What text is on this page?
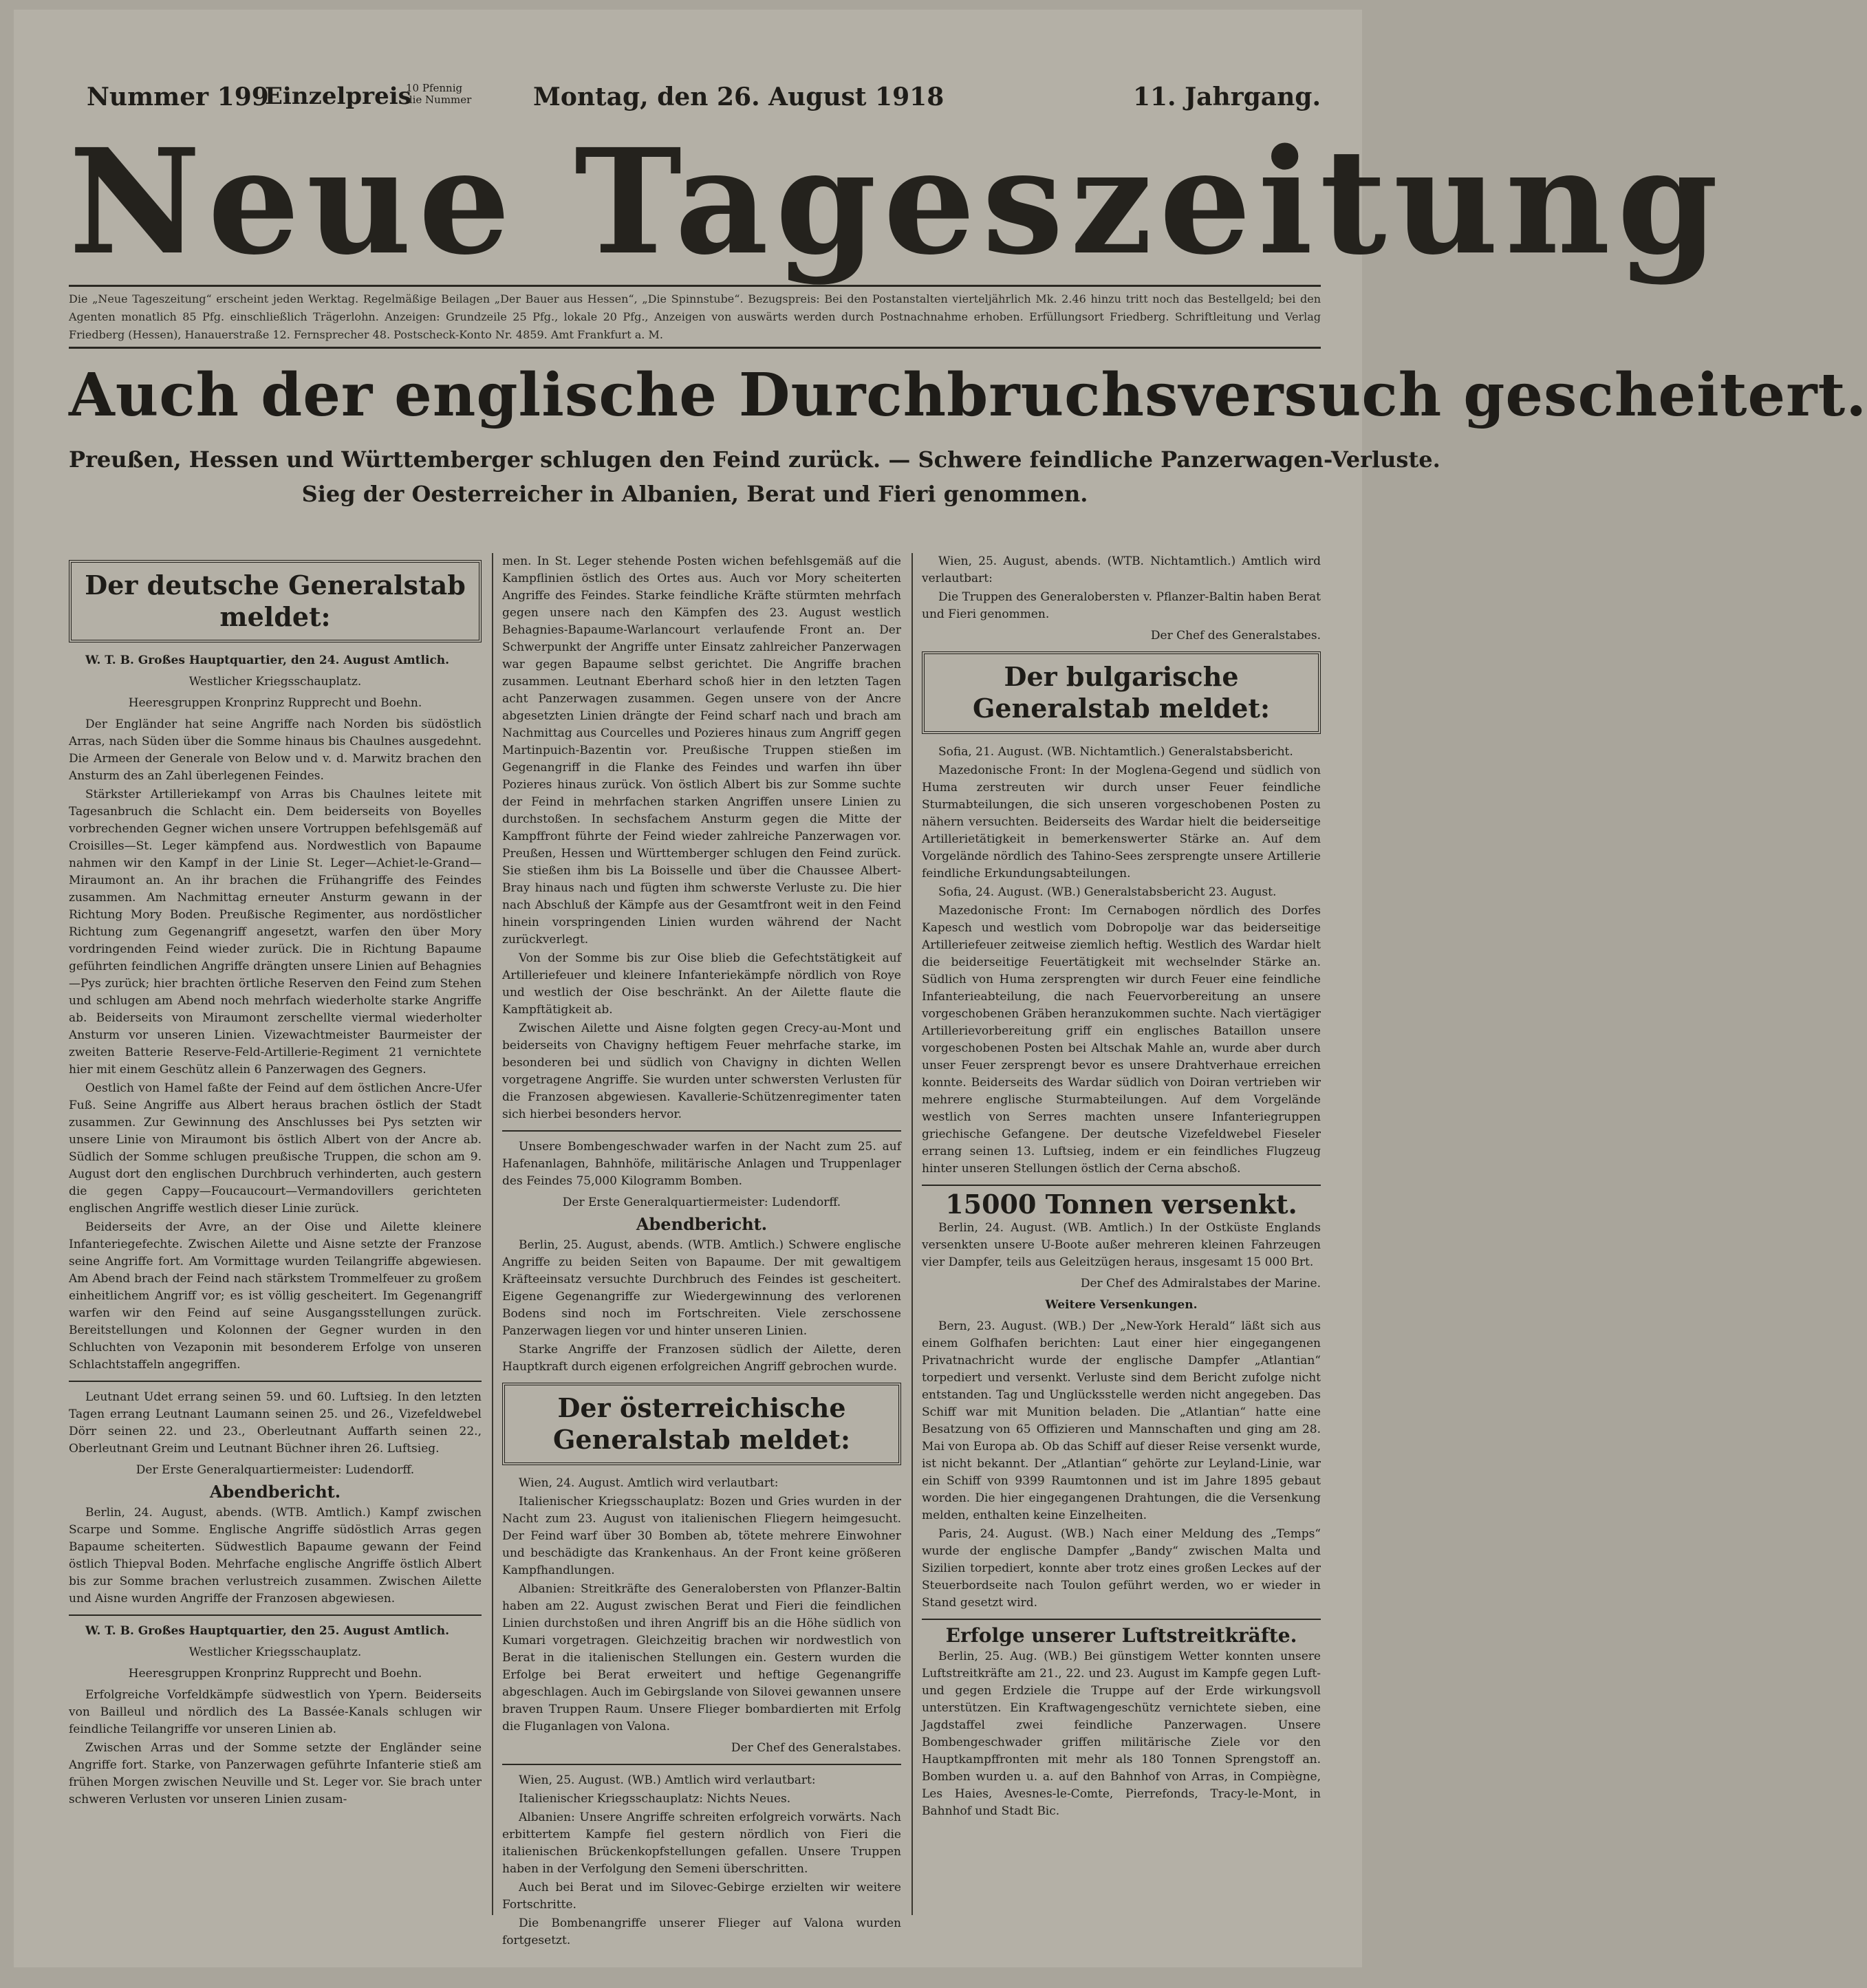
Nummer 199
Einzelpreis
10 Pfennig
die Nummer Montag, den 26. August 1918	11. Jahrgang.
Neue Tageszeitung
Die „Neue Tageszeitung“ erscheint jeden Werktag. Regelmäßige Beilagen „Der Bauer aus Hessen“, „Die Spinnstube“. Bezugspreis: Bei den Postanstalten vierteljährlich Mk. 2.46 hinzu tritt noch das Bestellgeld; bei den Agenten monatlich 85 Pfg. einschließlich Trägerlohn. Anzeigen: Grundzeile 25 Pfg., lokale 20 Pfg., Anzeigen von auswärts werden durch Postnachnahme erhoben. Erfüllungsort Friedberg. Schriftleitung und Verlag Friedberg (Hessen), Hanauerstraße 12. Fernsprecher 48. Postscheck-Konto Nr. 4859. Amt Frankfurt a. M.
Auch der englische Durchbruchsversuch gescheitert.
Preußen, Hessen und Württemberger schlugen den Feind zurück. — Schwere feindliche Panzerwagen-Verluste.
Sieg der Oesterreicher in Albanien, Berat und Fieri genommen.
Der deutsche Generalstab meldet:

W. T. B. Großes Hauptquartier, den 24. August Amtlich.

Westlicher Kriegsschauplatz.

Heeresgruppen Kronprinz Rupprecht und Boehn.

Der Engländer hat seine Angriffe nach Norden bis südöstlich Arras, nach Süden über die Somme hinaus bis Chaulnes ausgedehnt. Die Armeen der Generale von Below und v. d. Marwitz brachen den Ansturm des an Zahl überlegenen Feindes.

Stärkster Artilleriekampf von Arras bis Chaulnes leitete mit Tagesanbruch die Schlacht ein. Dem beiderseits von Boyelles vorbrechenden Gegner wichen unsere Vortruppen befehlsgemäß auf Croisilles—St. Leger kämpfend aus. Nordwestlich von Bapaume nahmen wir den Kampf in der Linie St. Leger—Achiet-le-Grand—Miraumont an. An ihr brachen die Frühangriffe des Feindes zusammen. Am Nachmittag erneuter Ansturm gewann in der Richtung Mory Boden. Preußische Regimenter, aus nordöstlicher Richtung zum Gegenangriff angesetzt, warfen den über Mory vordringenden Feind wieder zurück. Die in Richtung Bapaume geführten feindlichen Angriffe drängten unsere Linien auf Behagnies—Pys zurück; hier brachten örtliche Reserven den Feind zum Stehen und schlugen am Abend noch mehrfach wiederholte starke Angriffe ab. Beiderseits von Miraumont zerschellte viermal wiederholter Ansturm vor unseren Linien. Vizewachtmeister Baurmeister der zweiten Batterie Reserve-Feld-Artillerie-Regiment 21 vernichtete hier mit einem Geschütz allein 6 Panzerwagen des Gegners.

Oestlich von Hamel faßte der Feind auf dem östlichen Ancre-Ufer Fuß. Seine Angriffe aus Albert heraus brachen östlich der Stadt zusammen. Zur Gewinnung des Anschlusses bei Pys setzten wir unsere Linie von Miraumont bis östlich Albert von der Ancre ab. Südlich der Somme schlugen preußische Truppen, die schon am 9. August dort den englischen Durchbruch verhinderten, auch gestern die gegen Cappy—Foucaucourt—Vermandovillers gerichteten englischen Angriffe westlich dieser Linie zurück.

Beiderseits der Avre, an der Oise und Ailette kleinere Infanteriegefechte. Zwischen Ailette und Aisne setzte der Franzose seine Angriffe fort. Am Vormittage wurden Teilangriffe abgewiesen. Am Abend brach der Feind nach stärkstem Trommelfeuer zu großem einheitlichem Angriff vor; es ist völlig gescheitert. Im Gegenangriff warfen wir den Feind auf seine Ausgangsstellungen zurück. Bereitstellungen und Kolonnen der Gegner wurden in den Schluchten von Vezaponin mit besonderem Erfolge von unseren Schlachtstaffeln angegriffen.

Leutnant Udet errang seinen 59. und 60. Luftsieg. In den letzten Tagen errang Leutnant Laumann seinen 25. und 26., Vizefeldwebel Dörr seinen 22. und 23., Oberleutnant Auffarth seinen 22., Oberleutnant Greim und Leutnant Büchner ihren 26. Luftsieg.

Der Erste Generalquartiermeister: Ludendorff.

Abendbericht.

Berlin, 24. August, abends. (WTB. Amtlich.) Kampf zwischen Scarpe und Somme. Englische Angriffe südöstlich Arras gegen Bapaume scheiterten. Südwestlich Bapaume gewann der Feind östlich Thiepval Boden. Mehrfache englische Angriffe östlich Albert bis zur Somme brachen verlustreich zusammen. Zwischen Ailette und Aisne wurden Angriffe der Franzosen abgewiesen.

W. T. B. Großes Hauptquartier, den 25. August Amtlich.

Westlicher Kriegsschauplatz.

Heeresgruppen Kronprinz Rupprecht und Boehn.

Erfolgreiche Vorfeldkämpfe südwestlich von Ypern. Beiderseits von Bailleul und nördlich des La Bassée-Kanals schlugen wir feindliche Teilangriffe vor unseren Linien ab.

Zwischen Arras und der Somme setzte der Engländer seine Angriffe fort. Starke, von Panzerwagen geführte Infanterie stieß am frühen Morgen zwischen Neuville und St. Leger vor. Sie brach unter schweren Verlusten vor unseren Linien zusam-

men. In St. Leger stehende Posten wichen befehlsgemäß auf die Kampflinien östlich des Ortes aus. Auch vor Mory scheiterten Angriffe des Feindes. Starke feindliche Kräfte stürmten mehrfach gegen unsere nach den Kämpfen des 23. August westlich Behagnies-Bapaume-Warlancourt verlaufende Front an. Der Schwerpunkt der Angriffe unter Einsatz zahlreicher Panzerwagen war gegen Bapaume selbst gerichtet. Die Angriffe brachen zusammen. Leutnant Eberhard schoß hier in den letzten Tagen acht Panzerwagen zusammen. Gegen unsere von der Ancre abgesetzten Linien drängte der Feind scharf nach und brach am Nachmittag aus Courcelles und Pozieres hinaus zum Angriff gegen Martinpuich-Bazentin vor. Preußische Truppen stießen im Gegenangriff in die Flanke des Feindes und warfen ihn über Pozieres hinaus zurück. Von östlich Albert bis zur Somme suchte der Feind in mehrfachen starken Angriffen unsere Linien zu durchstoßen. In sechsfachem Ansturm gegen die Mitte der Kampffront führte der Feind wieder zahlreiche Panzerwagen vor. Preußen, Hessen und Württemberger schlugen den Feind zurück. Sie stießen ihm bis La Boisselle und über die Chaussee Albert-Bray hinaus nach und fügten ihm schwerste Verluste zu. Die hier nach Abschluß der Kämpfe aus der Gesamtfront weit in den Feind hinein vorspringenden Linien wurden während der Nacht zurückverlegt.

Von der Somme bis zur Oise blieb die Gefechtstätigkeit auf Artilleriefeuer und kleinere Infanteriekämpfe nördlich von Roye und westlich der Oise beschränkt. An der Ailette flaute die Kampftätigkeit ab.

Zwischen Ailette und Aisne folgten gegen Crecy-au-Mont und beiderseits von Chavigny heftigem Feuer mehrfache starke, im besonderen bei und südlich von Chavigny in dichten Wellen vorgetragene Angriffe. Sie wurden unter schwersten Verlusten für die Franzosen abgewiesen. Kavallerie-Schützenregimenter taten sich hierbei besonders hervor.

Unsere Bombengeschwader warfen in der Nacht zum 25. auf Hafenanlagen, Bahnhöfe, militärische Anlagen und Truppenlager des Feindes 75,000 Kilogramm Bomben.

Der Erste Generalquartiermeister: Ludendorff.

Abendbericht.

Berlin, 25. August, abends. (WTB. Amtlich.) Schwere englische Angriffe zu beiden Seiten von Bapaume. Der mit gewaltigem Kräfteeinsatz versuchte Durchbruch des Feindes ist gescheitert. Eigene Gegenangriffe zur Wiedergewinnung des verlorenen Bodens sind noch im Fortschreiten. Viele zerschossene Panzerwagen liegen vor und hinter unseren Linien.

Starke Angriffe der Franzosen südlich der Ailette, deren Hauptkraft durch eigenen erfolgreichen Angriff gebrochen wurde.

Der österreichische Generalstab meldet:

Wien, 24. August. Amtlich wird verlautbart:

Italienischer Kriegsschauplatz: Bozen und Gries wurden in der Nacht zum 23. August von italienischen Fliegern heimgesucht. Der Feind warf über 30 Bomben ab, tötete mehrere Einwohner und beschädigte das Krankenhaus. An der Front keine größeren Kampfhandlungen.

Albanien: Streitkräfte des Generalobersten von Pflanzer-Baltin haben am 22. August zwischen Berat und Fieri die feindlichen Linien durchstoßen und ihren Angriff bis an die Höhe südlich von Kumari vorgetragen. Gleichzeitig brachen wir nordwestlich von Berat in die italienischen Stellungen ein. Gestern wurden die Erfolge bei Berat erweitert und heftige Gegenangriffe abgeschlagen. Auch im Gebirgslande von Silovei gewannen unsere braven Truppen Raum. Unsere Flieger bombardierten mit Erfolg die Fluganlagen von Valona.

Der Chef des Generalstabes.

Wien, 25. August. (WB.) Amtlich wird verlautbart:

Italienischer Kriegsschauplatz: Nichts Neues.

Albanien: Unsere Angriffe schreiten erfolgreich vorwärts. Nach erbittertem Kampfe fiel gestern nördlich von Fieri die italienischen Brückenkopfstellungen gefallen. Unsere Truppen haben in der Verfolgung den Semeni überschritten.

Auch bei Berat und im Silovec-Gebirge erzielten wir weitere Fortschritte.

Die Bombenangriffe unserer Flieger auf Valona wurden fortgesetzt.

Wien, 25. August, abends. (WTB. Nichtamtlich.) Amtlich wird verlautbart:

Die Truppen des Generalobersten v. Pflanzer-Baltin haben Berat und Fieri genommen.

Der Chef des Generalstabes.

Der bulgarische Generalstab meldet:

Sofia, 21. August. (WB. Nichtamtlich.) Generalstabsbericht.

Mazedonische Front: In der Moglena-Gegend und südlich von Huma zerstreuten wir durch unser Feuer feindliche Sturmabteilungen, die sich unseren vorgeschobenen Posten zu nähern versuchten. Beiderseits des Wardar hielt die beiderseitige Artillerietätigkeit in bemerkenswerter Stärke an. Auf dem Vorgelände nördlich des Tahino-Sees zersprengte unsere Artillerie feindliche Erkundungsabteilungen.

Sofia, 24. August. (WB.) Generalstabsbericht 23. August.

Mazedonische Front: Im Cernabogen nördlich des Dorfes Kapesch und westlich vom Dobropolje war das beiderseitige Artilleriefeuer zeitweise ziemlich heftig. Westlich des Wardar hielt die beiderseitige Feuertätigkeit mit wechselnder Stärke an. Südlich von Huma zersprengten wir durch Feuer eine feindliche Infanterieabteilung, die nach Feuervorbereitung an unsere vorgeschobenen Gräben heranzukommen suchte. Nach viertägiger Artillerievorbereitung griff ein englisches Bataillon unsere vorgeschobenen Posten bei Altschak Mahle an, wurde aber durch unser Feuer zersprengt bevor es unsere Drahtverhaue erreichen konnte. Beiderseits des Wardar südlich von Doiran vertrieben wir mehrere englische Sturmabteilungen. Auf dem Vorgelände westlich von Serres machten unsere Infanteriegruppen griechische Gefangene. Der deutsche Vizefeldwebel Fieseler errang seinen 13. Luftsieg, indem er ein feindliches Flugzeug hinter unseren Stellungen östlich der Cerna abschoß.

15000 Tonnen versenkt.

Berlin, 24. August. (WB. Amtlich.) In der Ostküste Englands versenkten unsere U-Boote außer mehreren kleinen Fahrzeugen vier Dampfer, teils aus Geleitzügen heraus, insgesamt 15 000 Brt.

Der Chef des Admiralstabes der Marine.

Weitere Versenkungen.

Bern, 23. August. (WB.) Der „New-York Herald“ läßt sich aus einem Golfhafen berichten: Laut einer hier eingegangenen Privatnachricht wurde der englische Dampfer „Atlantian“ torpediert und versenkt. Verluste sind dem Bericht zufolge nicht entstanden. Tag und Unglücksstelle werden nicht angegeben. Das Schiff war mit Munition beladen. Die „Atlantian“ hatte eine Besatzung von 65 Offizieren und Mannschaften und ging am 28. Mai von Europa ab. Ob das Schiff auf dieser Reise versenkt wurde, ist nicht bekannt. Der „Atlantian“ gehörte zur Leyland-Linie, war ein Schiff von 9399 Raumtonnen und ist im Jahre 1895 gebaut worden. Die hier eingegangenen Drahtungen, die die Versenkung melden, enthalten keine Einzelheiten.

Paris, 24. August. (WB.) Nach einer Meldung des „Temps“ wurde der englische Dampfer „Bandy“ zwischen Malta und Sizilien torpediert, konnte aber trotz eines großen Leckes auf der Steuerbordseite nach Toulon geführt werden, wo er wieder in Stand gesetzt wird.

Erfolge unserer Luftstreitkräfte.

Berlin, 25. Aug. (WB.) Bei günstigem Wetter konnten unsere Luftstreitkräfte am 21., 22. und 23. August im Kampfe gegen Luft- und gegen Erdziele die Truppe auf der Erde wirkungsvoll unterstützen. Ein Kraftwagengeschütz vernichtete sieben, eine Jagdstaffel zwei feindliche Panzerwagen. Unsere Bombengeschwader griffen militärische Ziele vor den Hauptkampffronten mit mehr als 180 Tonnen Sprengstoff an. Bomben wurden u. a. auf den Bahnhof von Arras, in Compiègne, Les Haies, Avesnes-le-Comte, Pierrefonds, Tracy-le-Mont, in Bahnhof und Stadt Bic.
